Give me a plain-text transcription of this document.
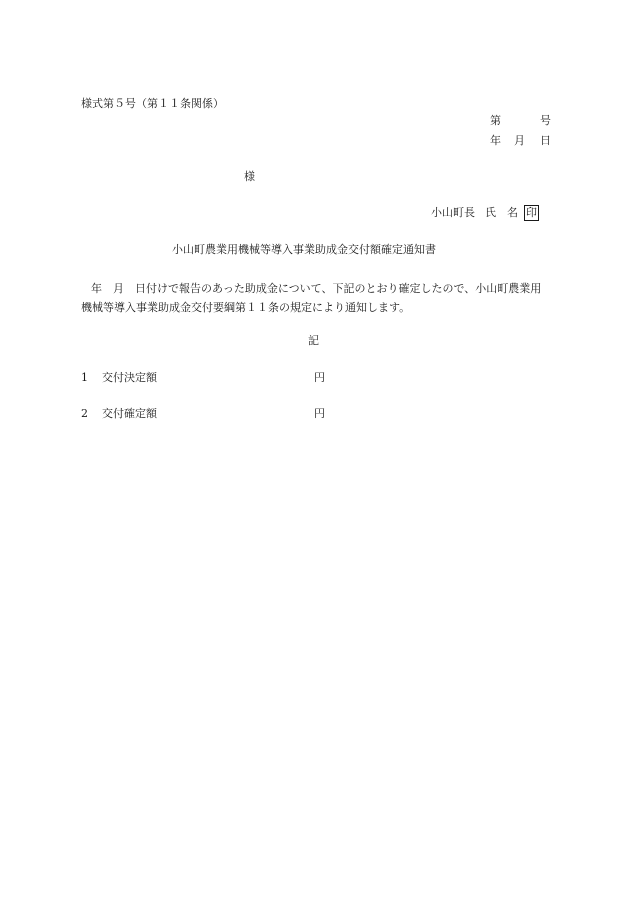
様式第５号（第１１条関係）
第	号
年 月 日
様
小山町長 氏 名 印
小山町農業用機械等導入事業助成金交付額確定通知書
年　月　日付けで報告のあった助成金について、下記のとおり確定したので、小山町農業用機械等導入事業助成金交付要綱第１１条の規定により通知します。
記
1 交付決定額	円
2 交付確定額	円
